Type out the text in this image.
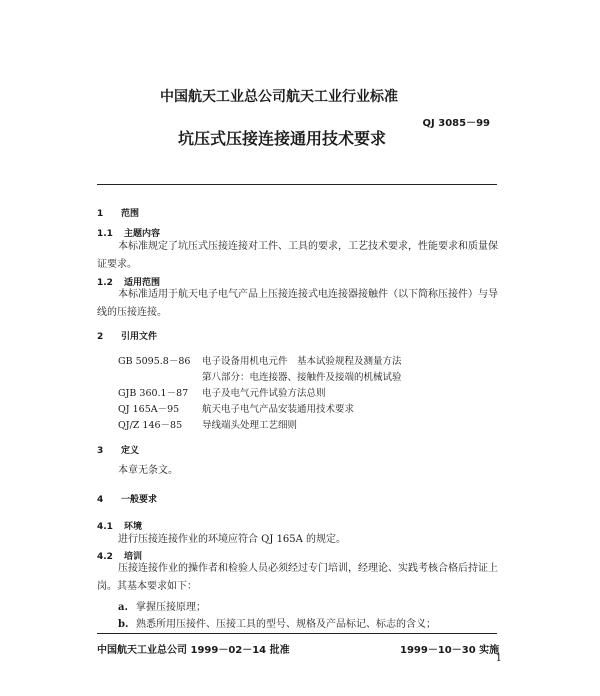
中国航天工业总公司航天工业行业标准
QJ 3085－99
坑压式压接连接通用技术要求
1 范围
1.1 主题内容
本标准规定了坑压式压接连接对工件、工具的要求，工艺技术要求，性能要求和质量保证要求。
1.2 适用范围
本标准适用于航天电子电气产品上压接连接式电连接器接触件（以下简称压接件）与导线的压接连接。
2 引用文件
GB 5095.8－86 电子设备用机电元件　基本试验规程及测量方法
第八部分：电连接器、接触件及接端的机械试验
GJB 360.1－87 电子及电气元件试验方法总则
QJ 165A－95 航天电子电气产品安装通用技术要求
QJ/Z 146－85 导线端头处理工艺细则
3 定义
本章无条文。
4 一般要求
4.1 环境
进行压接连接作业的环境应符合 QJ 165A 的规定。
4.2 培训
压接连接作业的操作者和检验人员必须经过专门培训，经理论、实践考核合格后持证上岗。其基本要求如下：
a. 掌握压接原理；
b. 熟悉所用压接件、压接工具的型号、规格及产品标记、标志的含义；
中国航天工业总公司 1999－02－14 批准	1999－10－30 实施
1
